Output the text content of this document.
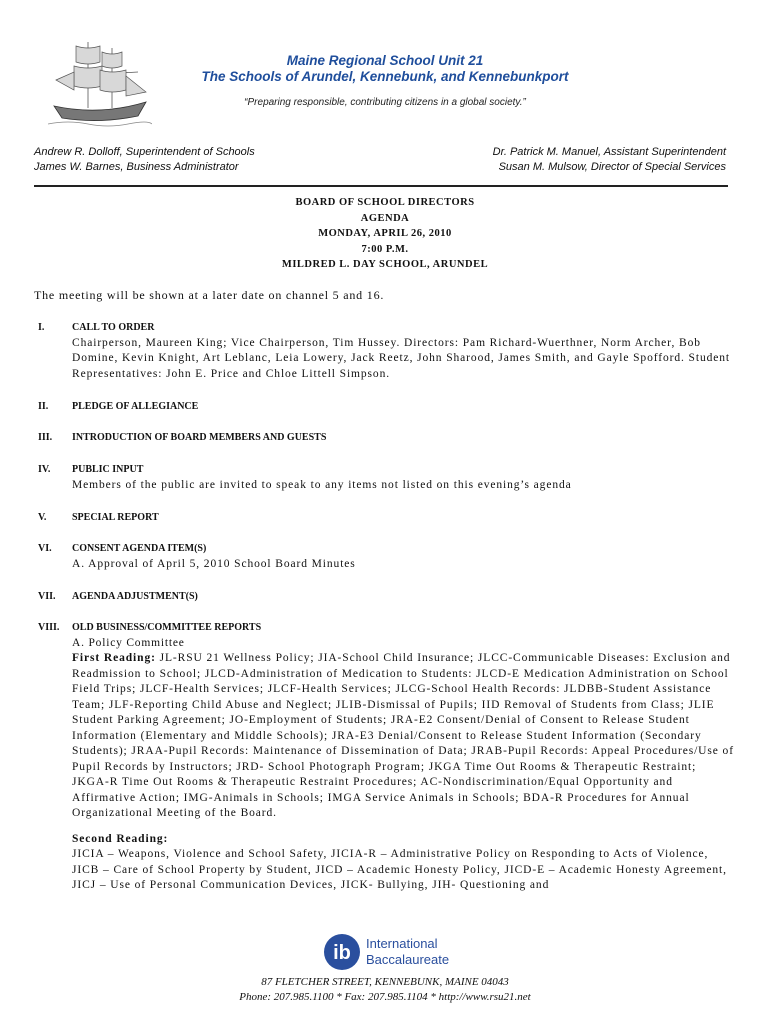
Maine Regional School Unit 21
The Schools of Arundel, Kennebunk, and Kennebunkport
“Preparing responsible, contributing citizens in a global society.”
Andrew R. Dolloff, Superintendent of Schools
James W. Barnes, Business Administrator
Dr. Patrick M. Manuel, Assistant Superintendent
Susan M. Mulsow, Director of Special Services
BOARD OF SCHOOL DIRECTORS
AGENDA
MONDAY, APRIL 26, 2010
7:00 P.M.
MILDRED L. DAY SCHOOL, ARUNDEL
The meeting will be shown at a later date on channel 5 and 16.
I.	CALL TO ORDER
Chairperson, Maureen King; Vice Chairperson, Tim Hussey. Directors: Pam Richard-Wuerthner, Norm Archer, Bob Domine, Kevin Knight, Art Leblanc, Leia Lowery, Jack Reetz, John Sharood, James Smith, and Gayle Spofford. Student Representatives: John E. Price and Chloe Littell Simpson.
II. PLEDGE OF ALLEGIANCE
III. INTRODUCTION OF BOARD MEMBERS AND GUESTS
IV. PUBLIC INPUT
Members of the public are invited to speak to any items not listed on this evening’s agenda
V.	SPECIAL REPORT
VI. CONSENT AGENDA ITEM(S)
A. Approval of April 5, 2010 School Board Minutes
VII. AGENDA ADJUSTMENT(S)
VIII. OLD BUSINESS/COMMITTEE REPORTS
A. Policy Committee
First Reading: JL-RSU 21 Wellness Policy; JIA-School Child Insurance; JLCC-Communicable Diseases: Exclusion and Readmission to School; JLCD-Administration of Medication to Students: JLCD-E Medication Administration on School Field Trips; JLCF-Health Services; JLCF-Health Services; JLCG-School Health Records: JLDBB-Student Assistance Team; JLF-Reporting Child Abuse and Neglect; JLIB-Dismissal of Pupils; IID Removal of Students from Class; JLIE Student Parking Agreement; JO-Employment of Students; JRA-E2 Consent/Denial of Consent to Release Student Information (Elementary and Middle Schools); JRA-E3 Denial/Consent to Release Student Information (Secondary Students); JRAA-Pupil Records: Maintenance of Dissemination of Data; JRAB-Pupil Records: Appeal Procedures/Use of Pupil Records by Instructors; JRD- School Photograph Program; JKGA Time Out Rooms & Therapeutic Restraint; JKGA-R Time Out Rooms & Therapeutic Restraint Procedures; AC-Nondiscrimination/Equal Opportunity and Affirmative Action; IMG-Animals in Schools; IMGA Service Animals in Schools; BDA-R Procedures for Annual Organizational Meeting of the Board.
Second Reading:
JICIA – Weapons, Violence and School Safety, JICIA-R – Administrative Policy on Responding to Acts of Violence, JICB – Care of School Property by Student, JICD – Academic Honesty Policy, JICD-E – Academic Honesty Agreement, JICJ – Use of Personal Communication Devices, JICK- Bullying, JIH- Questioning and
ib International
Baccalaureate
87 FLETCHER STREET, KENNEBUNK, MAINE 04043
Phone: 207.985.1100 * Fax: 207.985.1104 * http://www.rsu21.net
